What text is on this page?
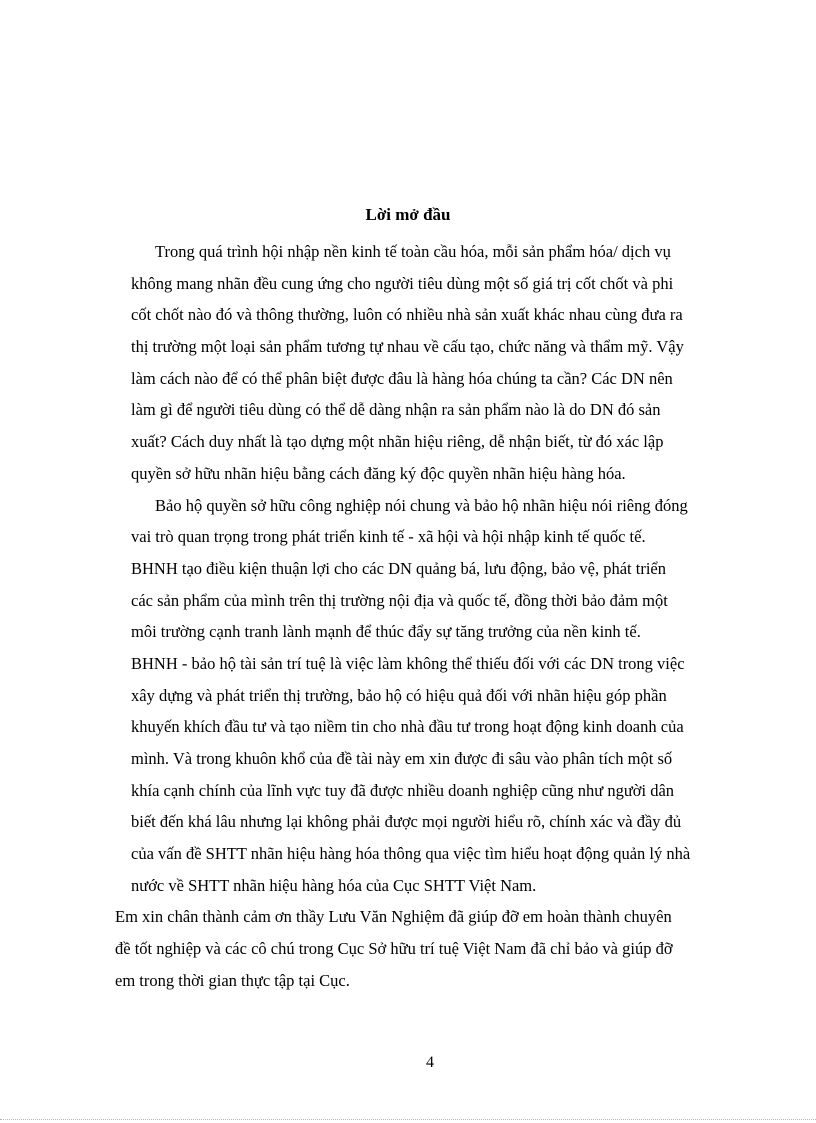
Lời mở đầu
Trong quá trình hội nhập nền kinh tế toàn cầu hóa, mỗi sản phẩm hóa/ dịch vụ
không mang nhãn đều cung ứng cho người tiêu dùng một số giá trị cốt chốt và phi
cốt chốt nào đó và thông thường, luôn có nhiều nhà sản xuất khác nhau cùng đưa ra
thị trường một loại sản phẩm tương tự nhau về cấu tạo, chức năng và thẩm mỹ. Vậy
làm cách nào để có thể phân biệt được đâu là hàng hóa chúng ta cần? Các DN nên
làm gì để người tiêu dùng có thể dễ dàng nhận ra sản phẩm nào là do DN đó sản
xuất? Cách duy nhất là tạo dựng một nhãn hiệu riêng, dễ nhận biết, từ đó xác lập
quyền sở hữu nhãn hiệu bằng cách đăng ký độc quyền nhãn hiệu hàng hóa.
Bảo hộ quyền sở hữu công nghiệp nói chung và bảo hộ nhãn hiệu nói riêng đóng
vai trò quan trọng trong phát triển kinh tế - xã hội và hội nhập kinh tế quốc tế.
BHNH tạo điều kiện thuận lợi cho các DN quảng bá, lưu động, bảo vệ, phát triển
các sản phẩm của mình trên thị trường nội địa và quốc tế, đồng thời bảo đảm một
môi trường cạnh tranh lành mạnh để thúc đẩy sự tăng trưởng của nền kinh tế.
BHNH - bảo hộ tài sản trí tuệ là việc làm không thể thiếu đối với các DN trong việc
xây dựng và phát triển thị trường, bảo hộ có hiệu quả đối với nhãn hiệu góp phần
khuyến khích đầu tư và tạo niềm tin cho nhà đầu tư trong hoạt động kinh doanh của
mình. Và trong khuôn khổ của đề tài này em xin được đi sâu vào phân tích một số
khía cạnh chính của lĩnh vực tuy đã được nhiều doanh nghiệp cũng như người dân
biết đến khá lâu nhưng lại không phải được mọi người hiểu rõ, chính xác và đầy đủ
của vấn đề SHTT nhãn hiệu hàng hóa thông qua việc tìm hiểu hoạt động quản lý nhà
nước về SHTT nhãn hiệu hàng hóa của Cục SHTT Việt Nam.
Em xin chân thành cảm ơn thầy Lưu Văn Nghiệm đã giúp đỡ em hoàn thành chuyên
đề tốt nghiệp và các cô chú trong Cục Sở hữu trí tuệ Việt Nam đã chỉ bảo và giúp đỡ
em trong thời gian thực tập tại Cục.
4
